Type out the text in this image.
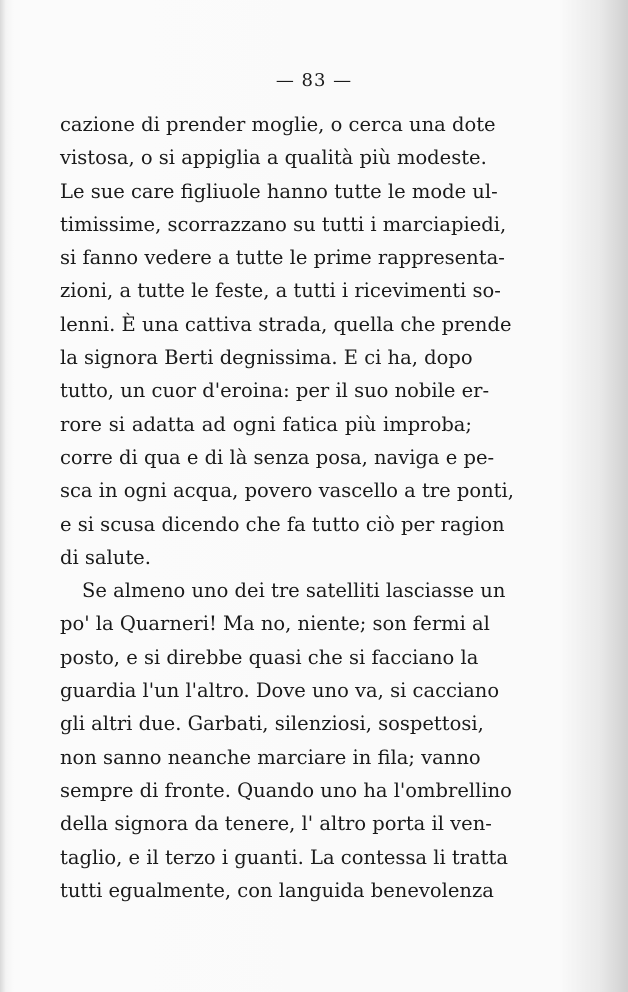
— 83 —
cazione di prender moglie, o cerca una dote
vistosa, o si appiglia a qualità più modeste.
Le sue care figliuole hanno tutte le mode ul-
timissime, scorrazzano su tutti i marciapiedi,
si fanno vedere a tutte le prime rappresenta-
zioni, a tutte le feste, a tutti i ricevimenti so-
lenni. È una cattiva strada, quella che prende
la signora Berti degnissima. E ci ha, dopo
tutto, un cuor d'eroina: per il suo nobile er-
rore si adatta ad ogni fatica più improba;
corre di qua e di là senza posa, naviga e pe-
sca in ogni acqua, povero vascello a tre ponti,
e si scusa dicendo che fa tutto ciò per ragion
di salute.
Se almeno uno dei tre satelliti lasciasse un
po' la Quarneri! Ma no, niente; son fermi al
posto, e si direbbe quasi che si facciano la
guardia l'un l'altro. Dove uno va, si cacciano
gli altri due. Garbati, silenziosi, sospettosi,
non sanno neanche marciare in fila; vanno
sempre di fronte. Quando uno ha l'ombrellino
della signora da tenere, l' altro porta il ven-
taglio, e il terzo i guanti. La contessa li tratta
tutti egualmente, con languida benevolenza
